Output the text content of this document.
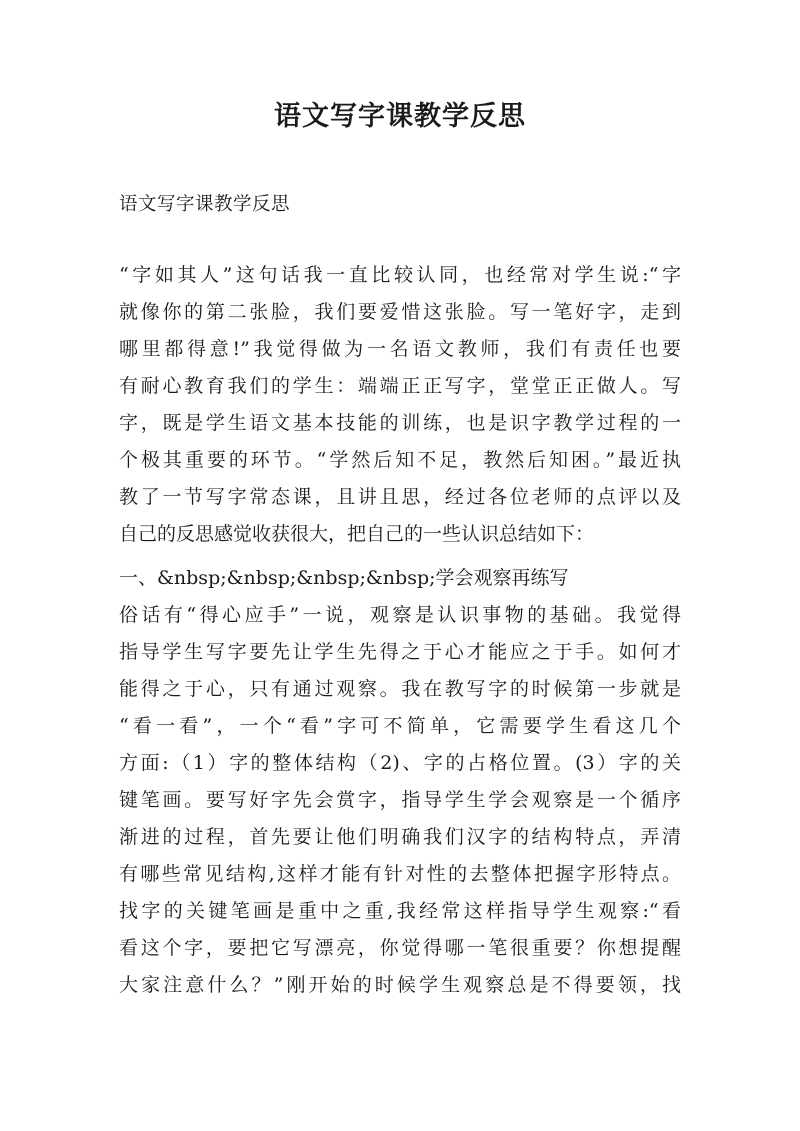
语文写字课教学反思

语文写字课教学反思

“字如其人”这句话我一直比较认同，也经常对学生说:“字

就像你的第二张脸，我们要爱惜这张脸。写一笔好字，走到

哪里都得意!”我觉得做为一名语文教师，我们有责任也要

有耐心教育我们的学生：端端正正写字，堂堂正正做人。写

字，既是学生语文基本技能的训练，也是识字教学过程的一

个极其重要的环节。“学然后知不足，教然后知困。”最近执

教了一节写字常态课，且讲且思，经过各位老师的点评以及

自己的反思感觉收获很大，把自己的一些认识总结如下：

一、&nbsp;&nbsp;&nbsp;&nbsp;学会观察再练写

俗话有“得心应手”一说，观察是认识事物的基础。我觉得

指导学生写字要先让学生先得之于心才能应之于手。如何才

能得之于心，只有通过观察。我在教写字的时候第一步就是

“看一看”，一个“看”字可不简单，它需要学生看这几个

方面:（1）字的整体结构（2)、字的占格位置。(3）字的关

键笔画。要写好字先会赏字，指导学生学会观察是一个循序

渐进的过程，首先要让他们明确我们汉字的结构特点，弄清

有哪些常见结构,这样才能有针对性的去整体把握字形特点。

找字的关键笔画是重中之重,我经常这样指导学生观察:“看

看这个字，要把它写漂亮，你觉得哪一笔很重要？你想提醒

大家注意什么？”刚开始的时候学生观察总是不得要领，找
